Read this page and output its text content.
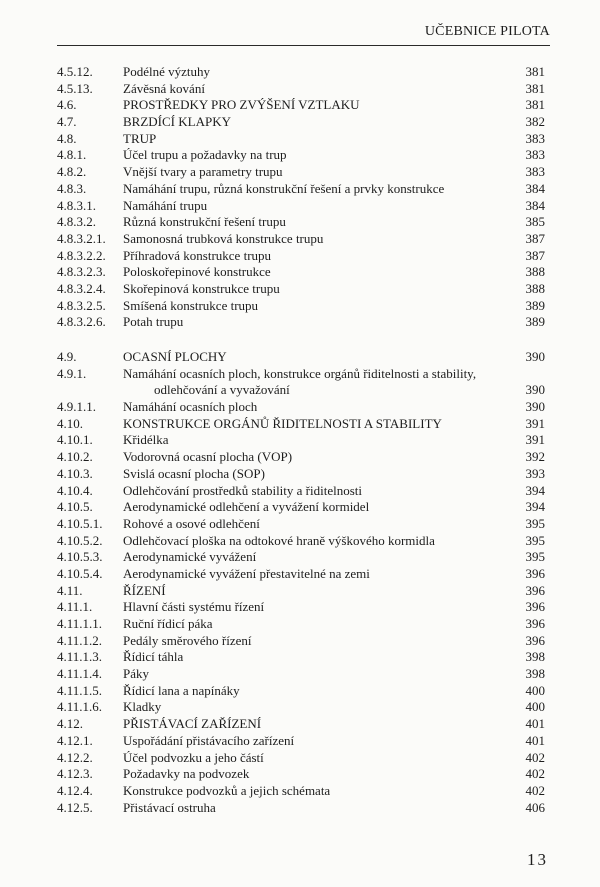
UČEBNICE PILOTA
4.5.12. Podélné výztuhy	381
4.5.13. Závěsná kování	381
4.6.	PROSTŘEDKY PRO ZVÝŠENÍ VZTLAKU	381
4.7.	BRZDÍCÍ KLAPKY	382
4.8.	TRUP	383
4.8.1.	Účel trupu a požadavky na trup	383
4.8.2.	Vnější tvary a parametry trupu	383
4.8.3.	Namáhání trupu, různá konstrukční řešení a prvky konstrukce	384
4.8.3.1. Namáhání trupu	384
4.8.3.2. Různá konstrukční řešení trupu	385
4.8.3.2.1. Samonosná trubková konstrukce trupu	387
4.8.3.2.2. Příhradová konstrukce trupu	387
4.8.3.2.3. Poloskořepinové konstrukce	388
4.8.3.2.4. Skořepinová konstrukce trupu	388
4.8.3.2.5. Smíšená konstrukce trupu	389
4.8.3.2.6. Potah trupu	389
4.9.	OCASNÍ PLOCHY	390
4.9.1.	Namáhání ocasních ploch, konstrukce orgánů řiditelnosti a stability,
odlehčování a vyvažování	390
4.9.1.1. Namáhání ocasních ploch	390
4.10.	KONSTRUKCE ORGÁNŮ ŘIDITELNOSTI A STABILITY	391
4.10.1. Křidélka	391
4.10.2. Vodorovná ocasní plocha (VOP)	392
4.10.3. Svislá ocasní plocha (SOP)	393
4.10.4. Odlehčování prostředků stability a řiditelnosti	394
4.10.5. Aerodynamické odlehčení a vyvážení kormidel	394
4.10.5.1. Rohové a osové odlehčení	395
4.10.5.2. Odlehčovací ploška na odtokové hraně výškového kormidla	395
4.10.5.3. Aerodynamické vyvážení	395
4.10.5.4. Aerodynamické vyvážení přestavitelné na zemi	396
4.11.	ŘÍZENÍ	396
4.11.1. Hlavní části systému řízení	396
4.11.1.1. Ruční řídicí páka	396
4.11.1.2. Pedály směrového řízení	396
4.11.1.3. Řídicí táhla	398
4.11.1.4. Páky	398
4.11.1.5. Řídicí lana a napínáky	400
4.11.1.6. Kladky	400
4.12.	PŘISTÁVACÍ ZAŘÍZENÍ	401
4.12.1. Uspořádání přistávacího zařízení	401
4.12.2. Účel podvozku a jeho částí	402
4.12.3. Požadavky na podvozek	402
4.12.4. Konstrukce podvozků a jejich schémata	402
4.12.5. Přistávací ostruha	406
13
